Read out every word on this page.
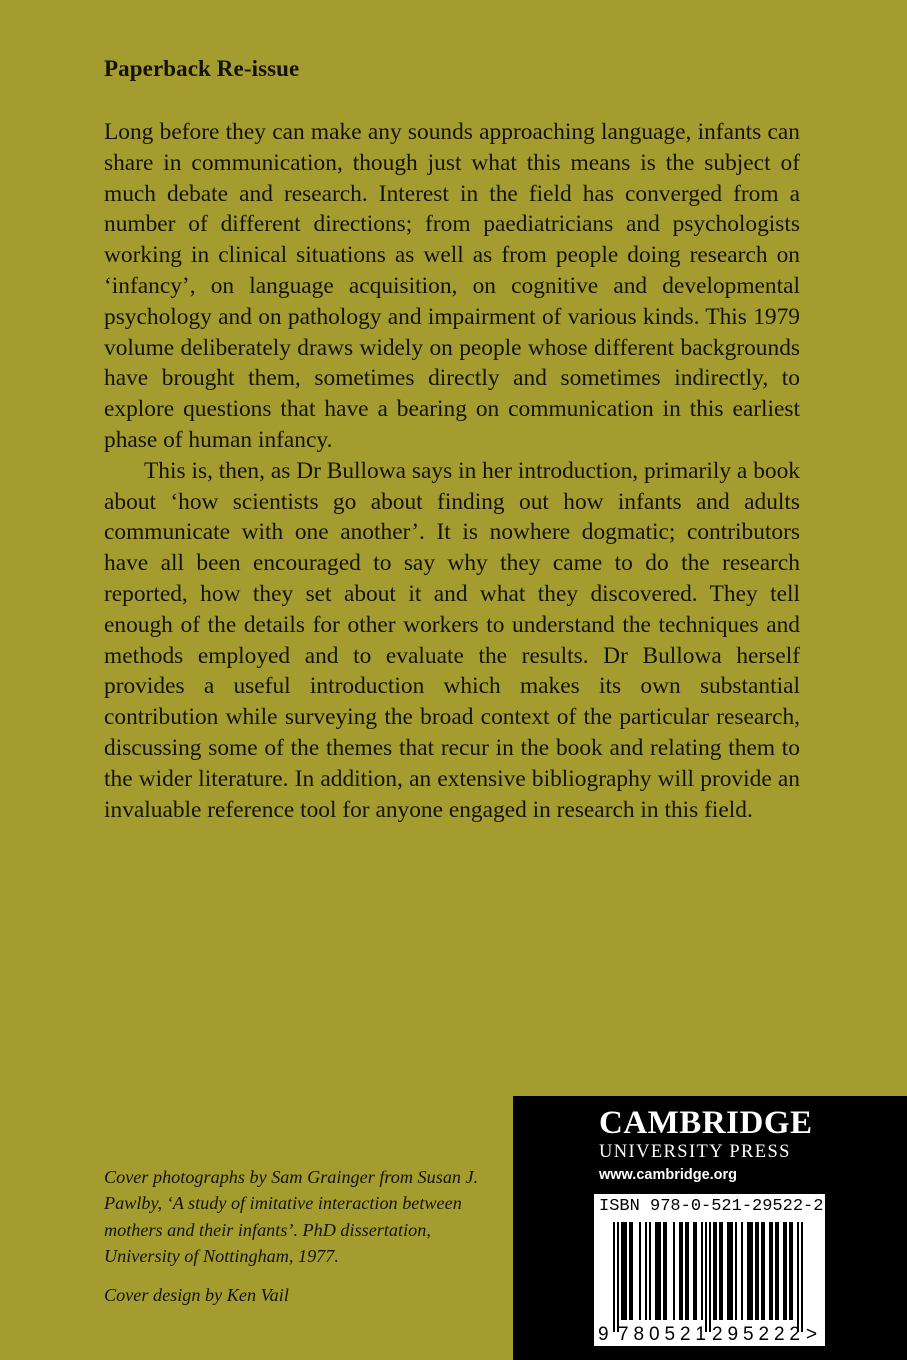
Paperback Re-issue

Long before they can make any sounds approaching language, infants can share in communication, though just what this means is the subject of much debate and research. Interest in the field has converged from a number of different directions; from paediatricians and psychologists working in clinical situations as well as from people doing research on ‘infancy’, on language acquisition, on cognitive and developmental psychology and on pathology and impairment of various kinds. This 1979 volume deliberately draws widely on people whose different backgrounds have brought them, sometimes directly and sometimes indirectly, to explore questions that have a bearing on communication in this earliest phase of human infancy.

This is, then, as Dr Bullowa says in her introduction, primarily a book about ‘how scientists go about finding out how infants and adults communicate with one another’. It is nowhere dogmatic; contributors have all been encouraged to say why they came to do the research reported, how they set about it and what they discovered. They tell enough of the details for other workers to understand the techniques and methods employed and to evaluate the results. Dr Bullowa herself provides a useful introduction which makes its own substantial contribution while surveying the broad context of the particular research, discussing some of the themes that recur in the book and relating them to the wider literature. In addition, an extensive bibliography will provide an invaluable reference tool for anyone engaged in research in this field.

Cover photographs by Sam Grainger from Susan J. Pawlby, ‘A study of imitative interaction between mothers and their infants’. PhD dissertation, University of Nottingham, 1977.

Cover design by Ken Vail

CAMBRIDGE
UNIVERSITY PRESS
www.cambridge.org
ISBN 978-0-521-29522-2
9 780521 295222 >
